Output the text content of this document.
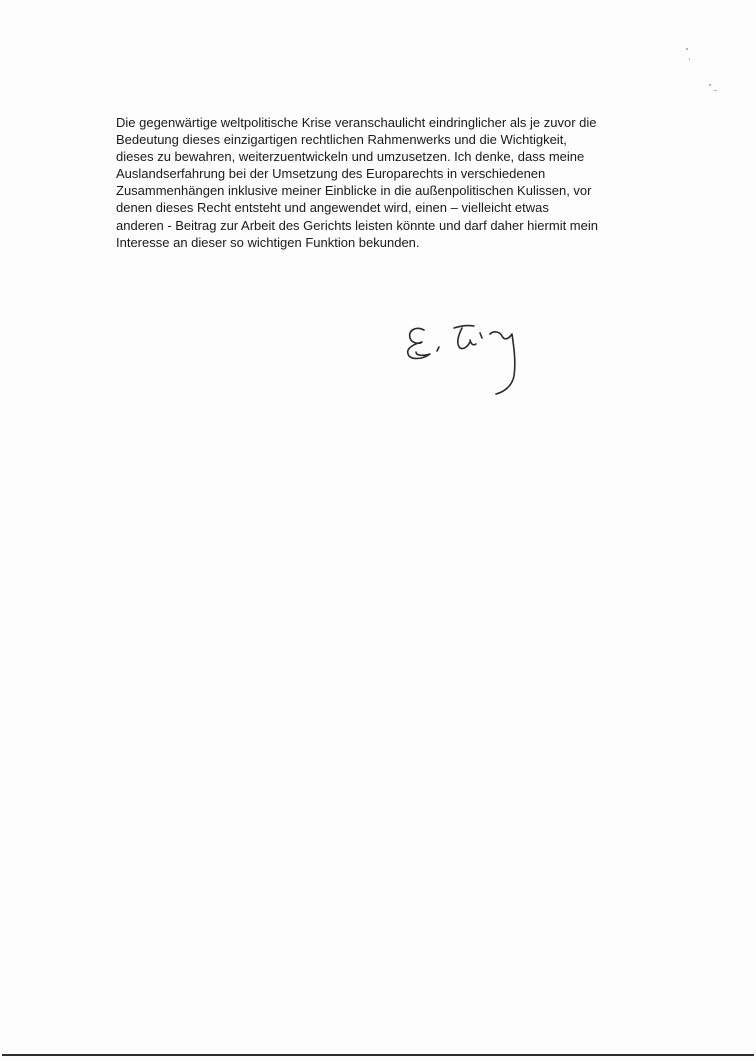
Die gegenwärtige weltpolitische Krise veranschaulicht eindringlicher als je zuvor die
Bedeutung dieses einzigartigen rechtlichen Rahmenwerks und die Wichtigkeit,
dieses zu bewahren, weiterzuentwickeln und umzusetzen. Ich denke, dass meine
Auslandserfahrung bei der Umsetzung des Europarechts in verschiedenen
Zusammenhängen inklusive meiner Einblicke in die außenpolitischen Kulissen, vor
denen dieses Recht entsteht und angewendet wird, einen – vielleicht etwas
anderen - Beitrag zur Arbeit des Gerichts leisten könnte und darf daher hiermit mein
Interesse an dieser so wichtigen Funktion bekunden.
